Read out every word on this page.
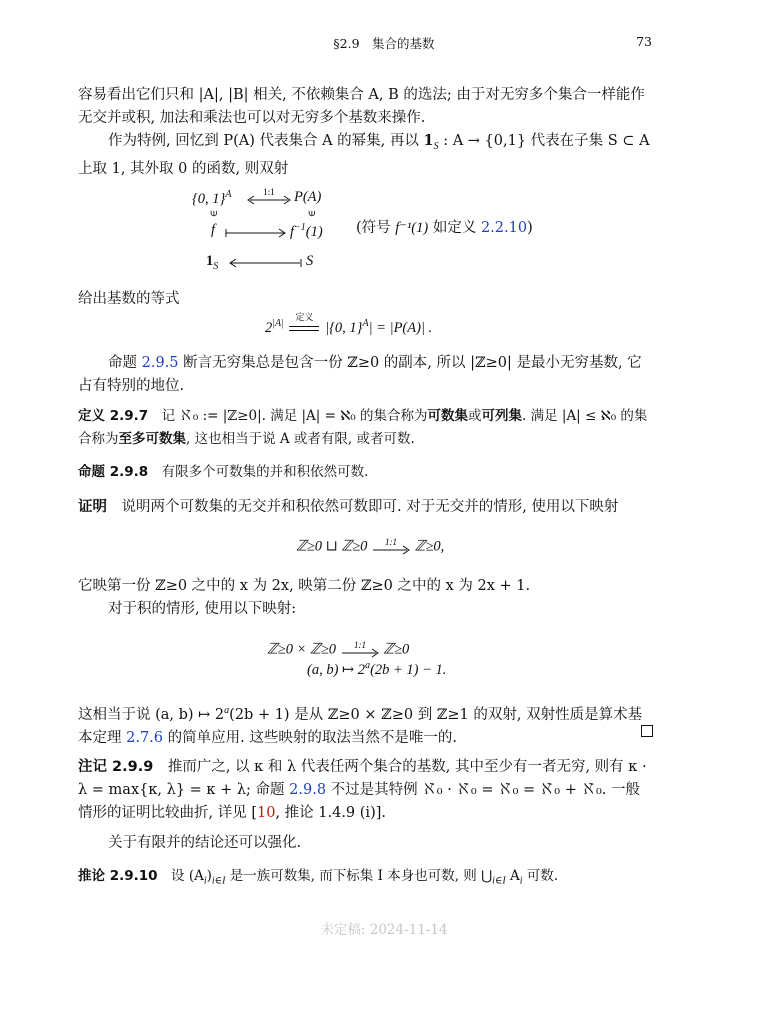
§2.9　集合的基数	73
容易看出它们只和 |A|, |B| 相关, 不依赖集合 A, B 的选法; 由于对无穷多个集合一样能作无交并或积, 加法和乘法也可以对无穷多个基数来操作.
作为特例, 回忆到 P(A) 代表集合 A 的幂集, 再以 $𝟏_S$ : A → {0,1} 代表在子集 S ⊂ A 上取 1, 其外取 0 的函数, 则双射
{0, 1}$^A$	1:1 P(A)
∈	∈
f	$f^{-1}(1)$ (符号 f⁻¹(1) 如定义 2.2.10)
$1_S$	S
给出基数的等式
$2^{|A|}$
定义
|{0, 1}$^A$| = |P(A)| .
命题 2.9.5 断言无穷集总是包含一份 ℤ≥0 的副本, 所以 |ℤ≥0| 是最小无穷基数, 它占有特别的地位.
定义 2.9.7　记 ℵ₀ := |ℤ≥0|. 满足 |A| = ℵ₀ 的集合称为可数集或可列集. 满足 |A| ≤ ℵ₀ 的集合称为至多可数集, 这也相当于说 A 或者有限, 或者可数.
命题 2.9.8　有限多个可数集的并和积依然可数.
证明　说明两个可数集的无交并和积依然可数即可. 对于无交并的情形, 使用以下映射
ℤ≥0 ⊔ ℤ≥0 1:1 ℤ≥0,
它映第一份 ℤ≥0 之中的 x 为 2x, 映第二份 ℤ≥0 之中的 x 为 2x + 1.
对于积的情形, 使用以下映射:
ℤ≥0 × ℤ≥0 1:1 ℤ≥0
(a, b) ↦ $2^a(2b + 1) - 1$.
这相当于说 (a, b) ↦ $2^a(2b + 1)$ 是从 ℤ≥0 × ℤ≥0 到 ℤ≥1 的双射, 双射性质是算术基本定理 2.7.6 的简单应用. 这些映射的取法当然不是唯一的.
注记 2.9.9　推而广之, 以 κ 和 λ 代表任两个集合的基数, 其中至少有一者无穷, 则有 κ · λ = max{κ, λ} = κ + λ; 命题 2.9.8 不过是其特例 ℵ₀ · ℵ₀ = ℵ₀ = ℵ₀ + ℵ₀. 一般情形的证明比较曲折, 详见 [10, 推论 1.4.9 (i)].
关于有限并的结论还可以强化.
推论 2.9.10　设 $(A_i)_{i\in I}$ 是一族可数集, 而下标集 I 本身也可数, 则 $⋃_{i\in I}$ $A_i$ 可数.
未定稿: 2024-11-14
